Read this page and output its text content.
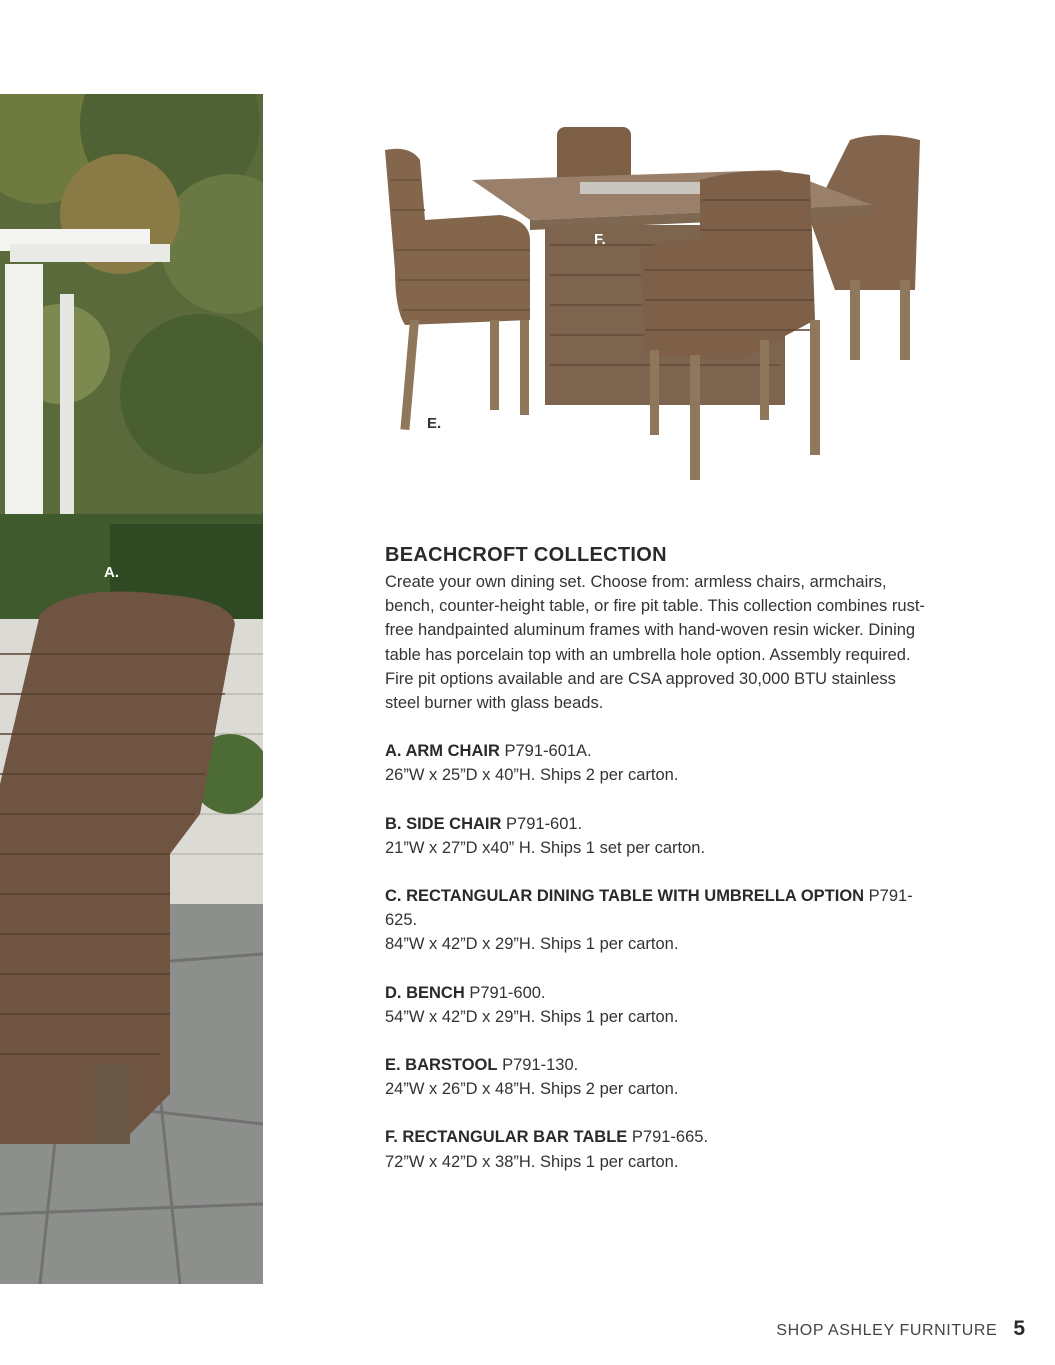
A.
F.
E.
BEACHCROFT COLLECTION
Create your own dining set. Choose from: armless chairs, armchairs, bench, counter-height table, or fire pit table. This collection combines rust-free handpainted aluminum frames with hand-woven resin wicker. Dining table has porcelain top with an umbrella hole option. Assembly required. Fire pit options available and are CSA approved 30,000 BTU stainless steel burner with glass beads.
A. ARM CHAIR P791-601A.
26”W x 25”D x 40”H. Ships 2 per carton.
B. SIDE CHAIR P791-601.
21”W x 27”D x40” H. Ships 1 set per carton.
C. RECTANGULAR DINING TABLE WITH UMBRELLA OPTION P791-625.
84”W x 42”D x 29”H. Ships 1 per carton.
D. BENCH P791-600.
54”W x 42”D x 29”H. Ships 1 per carton.
E. BARSTOOL P791-130.
24”W x 26”D x 48”H. Ships 2 per carton.
F. RECTANGULAR BAR TABLE P791-665.
72”W x 42”D x 38”H. Ships 1 per carton.
SHOP ASHLEY FURNITURE 5
